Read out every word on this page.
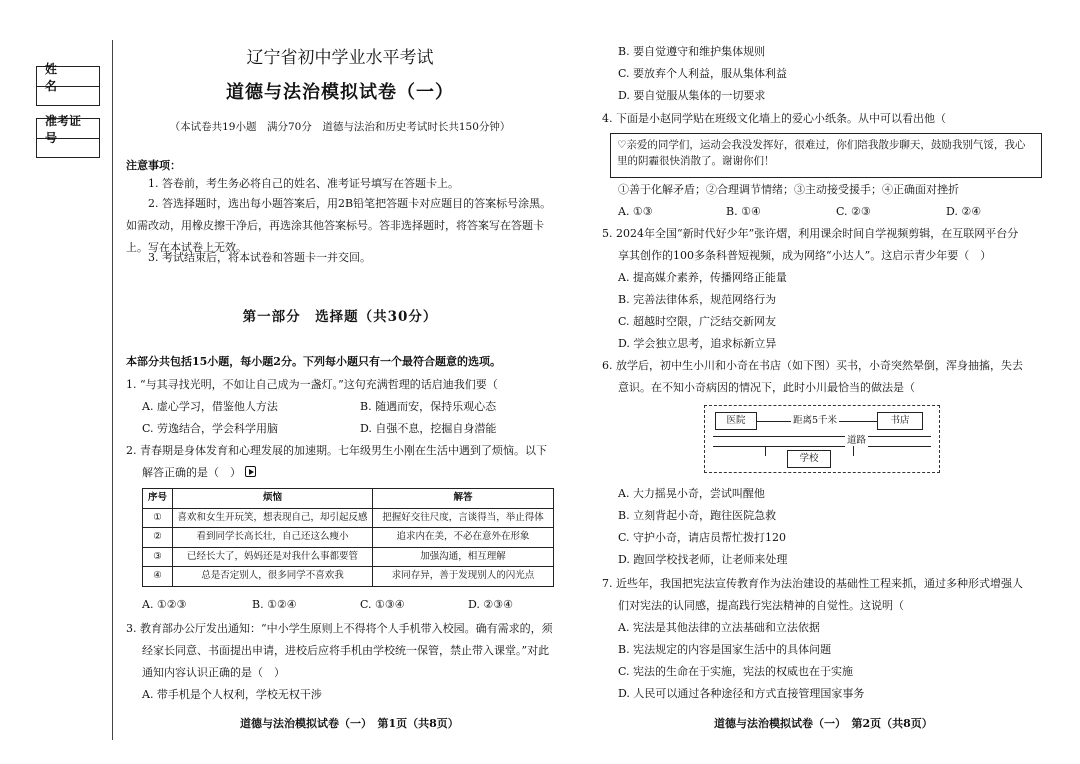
姓　名
准考证号
辽宁省初中学业水平考试
道德与法治模拟试卷（一）
（本试卷共19小题　满分70分　道德与法治和历史考试时长共150分钟）
注意事项：
1. 答卷前，考生务必将自己的姓名、准考证号填写在答题卡上。
2. 答选择题时，选出每小题答案后，用2B铅笔把答题卡对应题目的答案标号涂黑。如需改动，用橡皮擦干净后，再选涂其他答案标号。答非选择题时，将答案写在答题卡上。写在本试卷上无效。
3. 考试结束后，将本试卷和答题卡一并交回。
第一部分　选择题（共30分）
本部分共包括15小题，每小题2分。下列每小题只有一个最符合题意的选项。
1. “与其寻找光明，不如让自己成为一盏灯。”这句充满哲理的话启迪我们要（
A. 虚心学习，借鉴他人方法	B. 随遇而安，保持乐观心态
C. 劳逸结合，学会科学用脑	D. 自强不息，挖掘自身潜能
2. 青春期是身体发育和心理发展的加速期。七年级男生小刚在生活中遇到了烦恼。以下
解答正确的是（　）
序号	烦恼	解答
①	喜欢和女生开玩笑，想表现自己，却引起反感	把握好交往尺度，言谈得当，举止得体
②	看到同学长高长壮，自己还这么瘦小	追求内在美，不必在意外在形象
③	已经长大了，妈妈还是对我什么事都要管	加强沟通，相互理解
④	总是否定别人，很多同学不喜欢我	求同存异，善于发现别人的闪光点
A. ①②③	B. ①②④	C. ①③④	D. ②③④
3. 教育部办公厅发出通知：“中小学生原则上不得将个人手机带入校园。确有需求的，须
经家长同意、书面提出申请，进校后应将手机由学校统一保管，禁止带入课堂。”对此
通知内容认识正确的是（　）
A. 带手机是个人权利，学校无权干涉
道德与法治模拟试卷（一）　第1页（共8页）
B. 要自觉遵守和维护集体规则
C. 要放弃个人利益，服从集体利益
D. 要自觉服从集体的一切要求
4. 下面是小赵同学贴在班级文化墙上的爱心小纸条。从中可以看出他（
♡亲爱的同学们，运动会我没发挥好，很难过，你们陪我散步聊天，鼓励我别气馁，我心里的阴霾很快消散了。谢谢你们！
①善于化解矛盾；②合理调节情绪；③主动接受援手；④正确面对挫折
A. ①③	B. ①④	C. ②③	D. ②④
5. 2024年全国“新时代好少年”张许熠，利用课余时间自学视频剪辑，在互联网平台分
享其创作的100多条科普短视频，成为网络“小达人”。这启示青少年要（　）
A. 提高媒介素养，传播网络正能量
B. 完善法律体系，规范网络行为
C. 超越时空限，广泛结交新网友
D. 学会独立思考，追求标新立异
6. 放学后，初中生小川和小奇在书店（如下图）买书，小奇突然晕倒，浑身抽搐，失去
意识。在不知小奇病因的情况下，此时小川最恰当的做法是（
医院	书店
距离5千米
道路
学校
A. 大力摇晃小奇，尝试叫醒他
B. 立刻背起小奇，跑往医院急救
C. 守护小奇，请店员帮忙拨打120
D. 跑回学校找老师，让老师来处理
7. 近些年，我国把宪法宣传教育作为法治建设的基础性工程来抓，通过多种形式增强人
们对宪法的认同感，提高践行宪法精神的自觉性。这说明（
A. 宪法是其他法律的立法基础和立法依据
B. 宪法规定的内容是国家生活中的具体问题
C. 宪法的生命在于实施，宪法的权威也在于实施
D. 人民可以通过各种途径和方式直接管理国家事务
道德与法治模拟试卷（一）　第2页（共8页）
